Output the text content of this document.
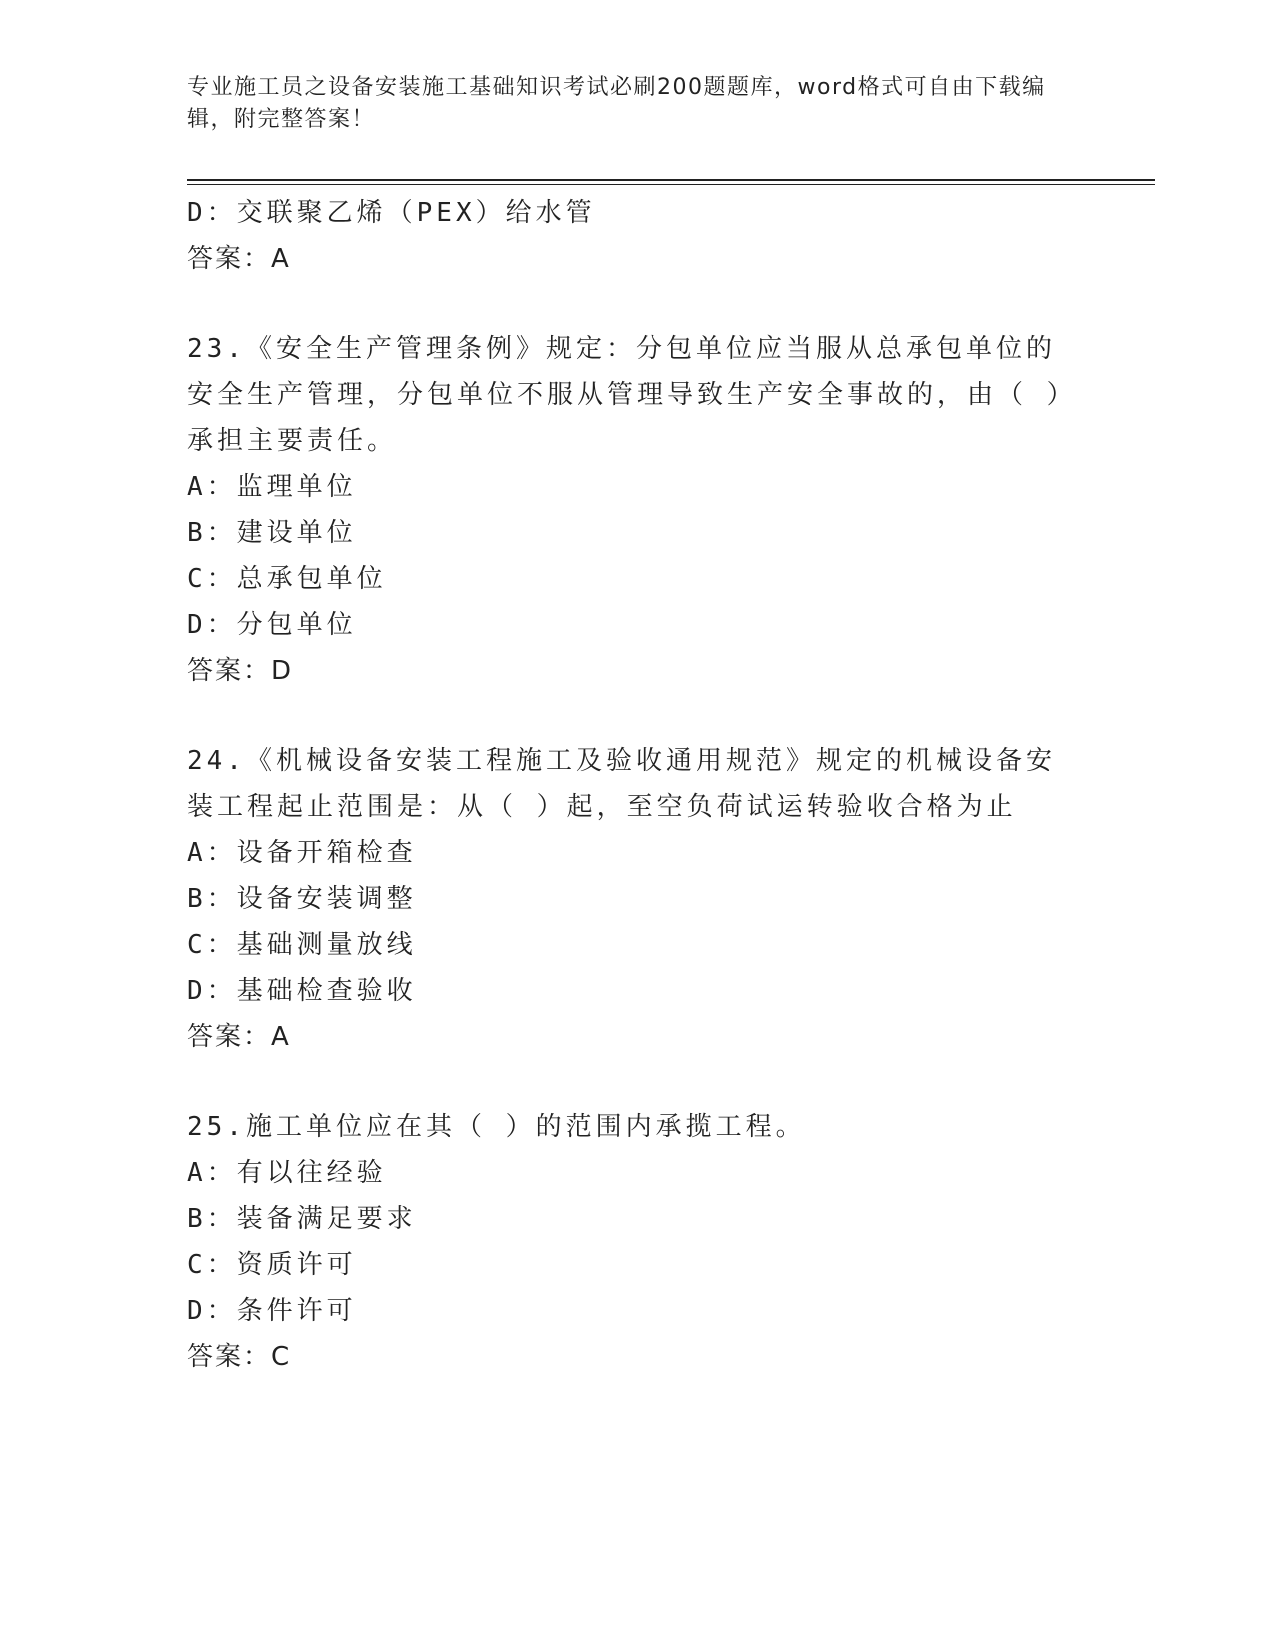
专业施工员之设备安装施工基础知识考试必刷200题题库，word格式可自由下载编辑，附完整答案！
D：交联聚乙烯（PEX）给水管
答案：A
23.《安全生产管理条例》规定：分包单位应当服从总承包单位的安全生产管理，分包单位不服从管理导致生产安全事故的，由（ ）承担主要责任。
A：监理单位
B：建设单位
C：总承包单位
D：分包单位
答案：D
24.《机械设备安装工程施工及验收通用规范》规定的机械设备安装工程起止范围是：从（ ）起，至空负荷试运转验收合格为止
A：设备开箱检查
B：设备安装调整
C：基础测量放线
D：基础检查验收
答案：A
25.施工单位应在其（ ）的范围内承揽工程。
A：有以往经验
B：装备满足要求
C：资质许可
D：条件许可
答案：C
